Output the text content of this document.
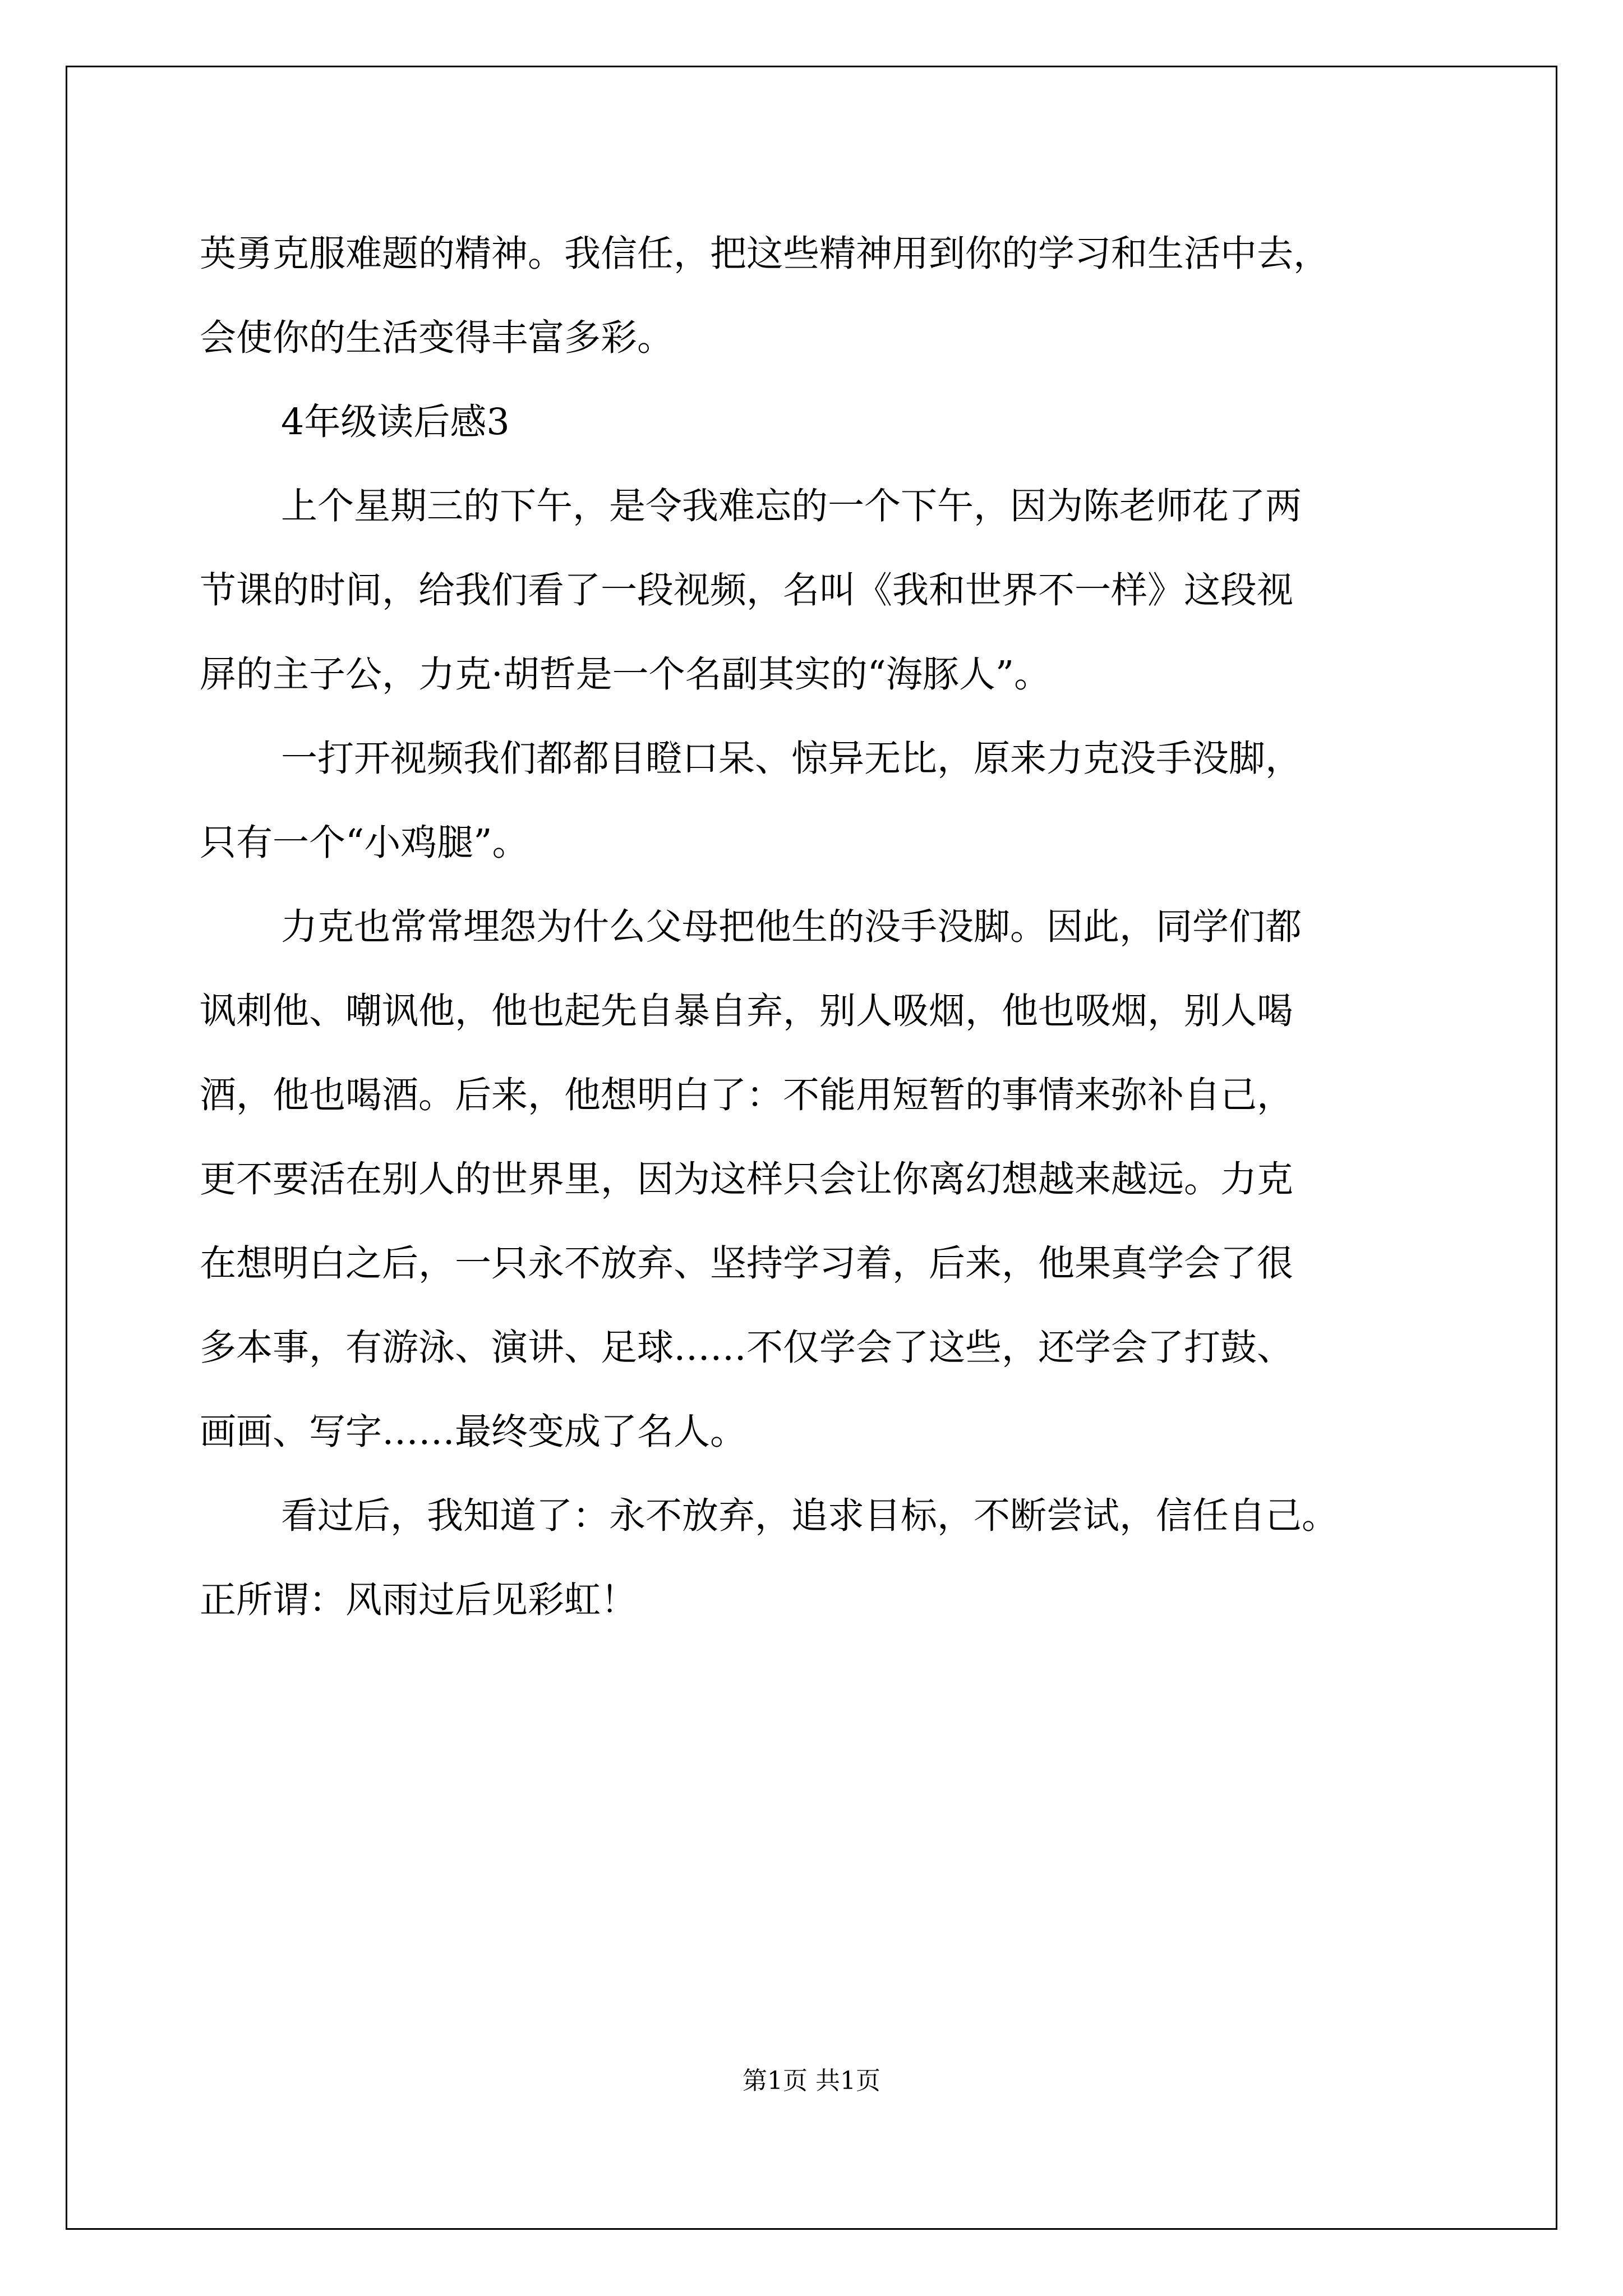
英勇克服难题的精神。我信任，把这些精神用到你的学习和生活中去，
会使你的生活变得丰富多彩。
4年级读后感3
上个星期三的下午，是令我难忘的一个下午，因为陈老师花了两
节课的时间，给我们看了一段视频，名叫《我和世界不一样》这段视
屏的主子公，力克·胡哲是一个名副其实的“海豚人”。
一打开视频我们都都目瞪口呆、惊异无比，原来力克没手没脚，
只有一个“小鸡腿”。
力克也常常埋怨为什么父母把他生的没手没脚。因此，同学们都
讽刺他、嘲讽他，他也起先自暴自弃，别人吸烟，他也吸烟，别人喝
酒，他也喝酒。后来，他想明白了：不能用短暂的事情来弥补自己，
更不要活在别人的世界里，因为这样只会让你离幻想越来越远。力克
在想明白之后，一只永不放弃、坚持学习着，后来，他果真学会了很
多本事，有游泳、演讲、足球……不仅学会了这些，还学会了打鼓、
画画、写字……最终变成了名人。
看过后，我知道了：永不放弃，追求目标，不断尝试，信任自己。
正所谓：风雨过后见彩虹！
第1页 共1页
